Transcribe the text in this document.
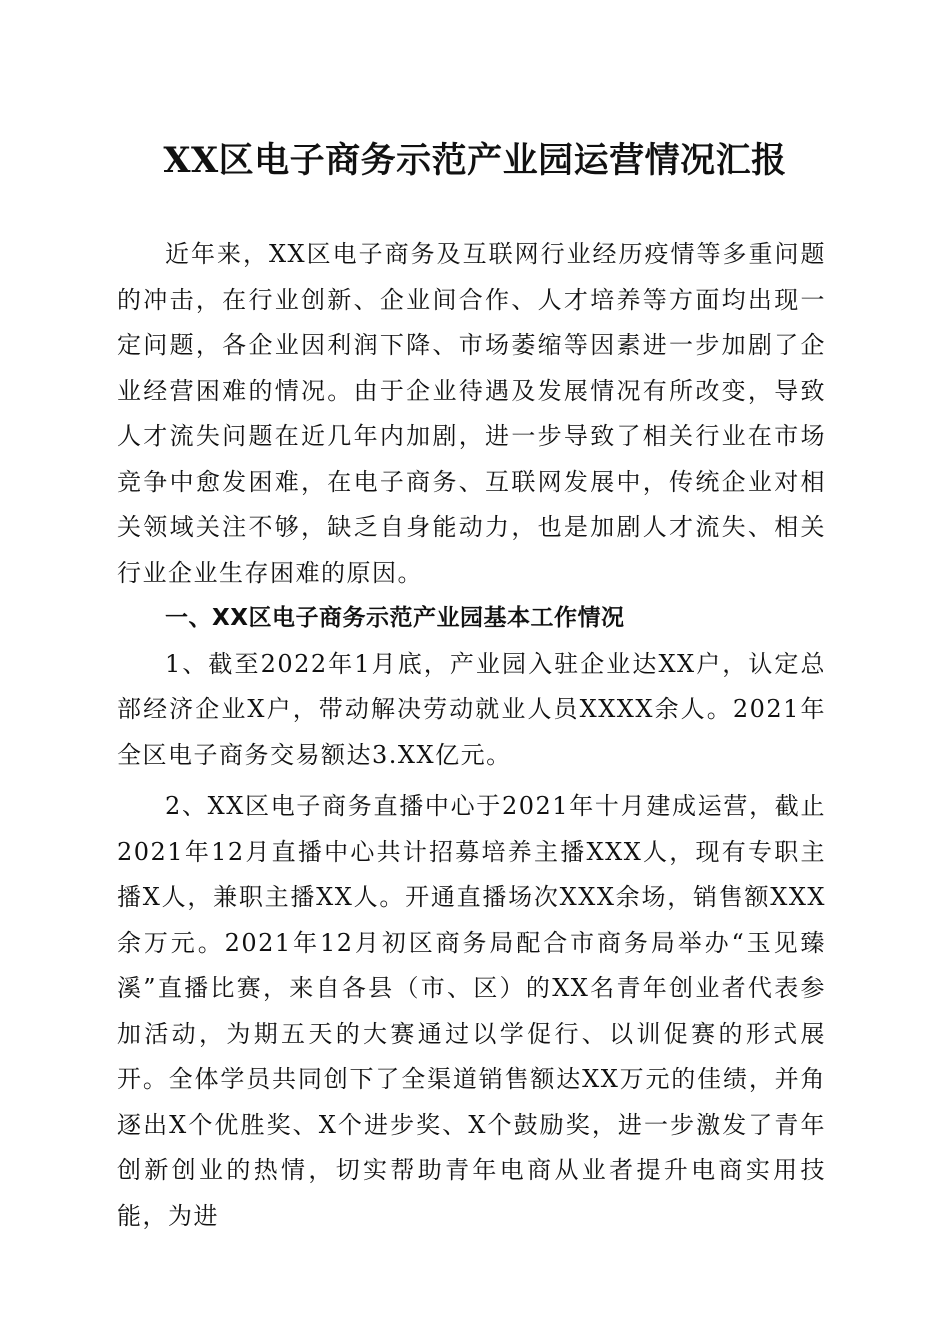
XX区电子商务示范产业园运营情况汇报

近年来，XX区电子商务及互联网行业经历疫情等多重问题的冲击，在行业创新、企业间合作、人才培养等方面均出现一定问题，各企业因利润下降、市场萎缩等因素进一步加剧了企业经营困难的情况。由于企业待遇及发展情况有所改变，导致人才流失问题在近几年内加剧，进一步导致了相关行业在市场竞争中愈发困难，在电子商务、互联网发展中，传统企业对相关领域关注不够，缺乏自身能动力，也是加剧人才流失、相关行业企业生存困难的原因。

一、XX区电子商务示范产业园基本工作情况

1、截至2022年1月底，产业园入驻企业达XX户，认定总部经济企业X户，带动解决劳动就业人员XXXX余人。2021年全区电子商务交易额达3.XX亿元。

2、XX区电子商务直播中心于2021年十月建成运营，截止2021年12月直播中心共计招募培养主播XXX人，现有专职主播X人，兼职主播XX人。开通直播场次XXX余场，销售额XXX余万元。2021年12月初区商务局配合市商务局举办“玉见臻溪”直播比赛，来自各县（市、区）的XX名青年创业者代表参加活动，为期五天的大赛通过以学促行、以训促赛的形式展开。全体学员共同创下了全渠道销售额达XX万元的佳绩，并角逐出X个优胜奖、X个进步奖、X个鼓励奖，进一步激发了青年创新创业的热情，切实帮助青年电商从业者提升电商实用技能，为进
